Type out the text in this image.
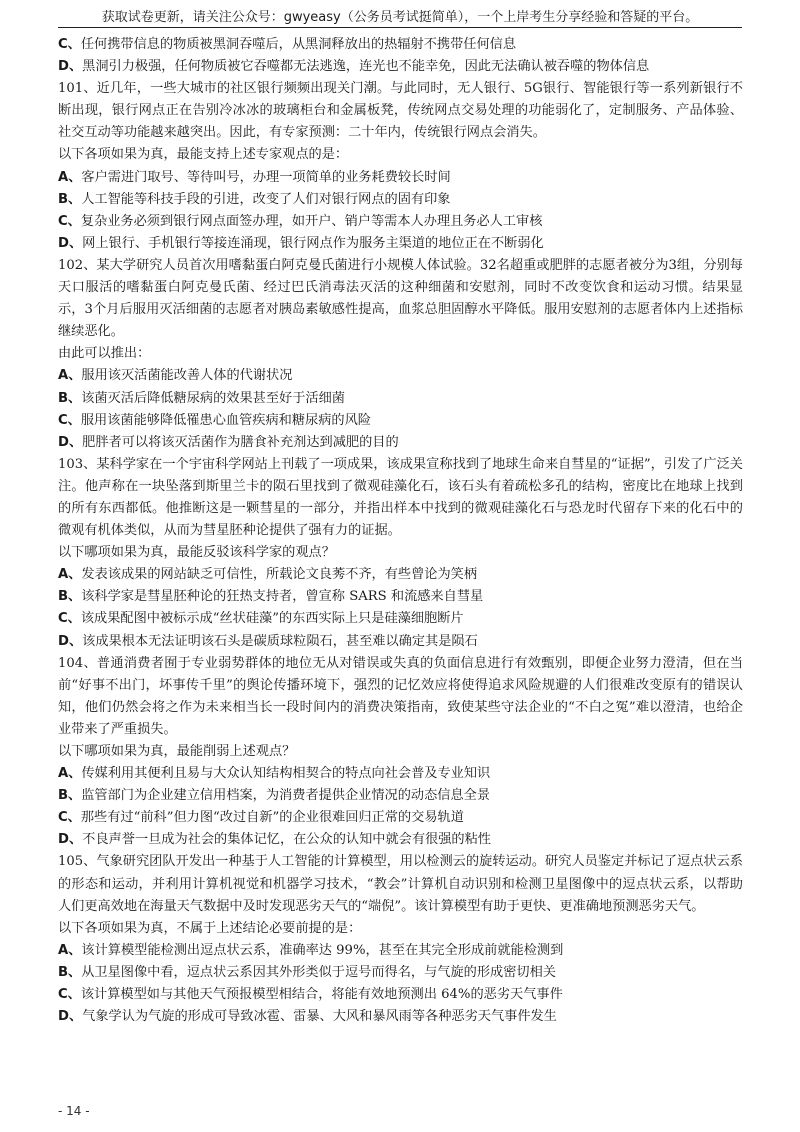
获取试卷更新，请关注公众号：gwyeasy（公务员考试挺简单），一个上岸考生分享经验和答疑的平台。

C、任何携带信息的物质被黑洞吞噬后，从黑洞释放出的热辐射不携带任何信息

D、黑洞引力极强，任何物质被它吞噬都无法逃逸，连光也不能幸免，因此无法确认被吞噬的物体信息

101、近几年，一些大城市的社区银行频频出现关门潮。与此同时，无人银行、5G银行、智能银行等一系列新银行不断出现，银行网点正在告别冷冰冰的玻璃柜台和金属板凳，传统网点交易处理的功能弱化了，定制服务、产品体验、社交互动等功能越来越突出。因此，有专家预测：二十年内，传统银行网点会消失。

以下各项如果为真，最能支持上述专家观点的是：

A、客户需进门取号、等待叫号，办理一项简单的业务耗费较长时间

B、人工智能等科技手段的引进，改变了人们对银行网点的固有印象

C、复杂业务必须到银行网点面签办理，如开户、销户等需本人办理且务必人工审核

D、网上银行、手机银行等接连涌现，银行网点作为服务主渠道的地位正在不断弱化

102、某大学研究人员首次用嗜黏蛋白阿克曼氏菌进行小规模人体试验。32名超重或肥胖的志愿者被分为3组，分别每天口服活的嗜黏蛋白阿克曼氏菌、经过巴氏消毒法灭活的这种细菌和安慰剂，同时不改变饮食和运动习惯。结果显示，3个月后服用灭活细菌的志愿者对胰岛素敏感性提高，血浆总胆固醇水平降低。服用安慰剂的志愿者体内上述指标继续恶化。

由此可以推出：

A、服用该灭活菌能改善人体的代谢状况

B、该菌灭活后降低糖尿病的效果甚至好于活细菌

C、服用该菌能够降低罹患心血管疾病和糖尿病的风险

D、肥胖者可以将该灭活菌作为膳食补充剂达到减肥的目的

103、某科学家在一个宇宙科学网站上刊载了一项成果，该成果宣称找到了地球生命来自彗星的“证据”，引发了广泛关注。他声称在一块坠落到斯里兰卡的陨石里找到了微观硅藻化石，该石头有着疏松多孔的结构，密度比在地球上找到的所有东西都低。他推断这是一颗彗星的一部分，并指出样本中找到的微观硅藻化石与恐龙时代留存下来的化石中的微观有机体类似，从而为彗星胚种论提供了强有力的证据。

以下哪项如果为真，最能反驳该科学家的观点？

A、发表该成果的网站缺乏可信性，所载论文良莠不齐，有些曾论为笑柄

B、该科学家是彗星胚种论的狂热支持者，曾宣称 SARS 和流感来自彗星

C、该成果配图中被标示成“丝状硅藻”的东西实际上只是硅藻细胞断片

D、该成果根本无法证明该石头是碳质球粒陨石，甚至难以确定其是陨石

104、普通消费者囿于专业弱势群体的地位无从对错误或失真的负面信息进行有效甄别，即便企业努力澄清，但在当前“好事不出门，坏事传千里”的舆论传播环境下，强烈的记忆效应将使得追求风险规避的人们很难改变原有的错误认知，他们仍然会将之作为未来相当长一段时间内的消费决策指南，致使某些守法企业的“不白之冤”难以澄清，也给企业带来了严重损失。

以下哪项如果为真，最能削弱上述观点？

A、传媒利用其便利且易与大众认知结构相契合的特点向社会普及专业知识

B、监管部门为企业建立信用档案，为消费者提供企业情况的动态信息全景

C、那些有过“前科”但力图“改过自新”的企业很难回归正常的交易轨道

D、不良声誉一旦成为社会的集体记忆，在公众的认知中就会有很强的粘性

105、气象研究团队开发出一种基于人工智能的计算模型，用以检测云的旋转运动。研究人员鉴定并标记了逗点状云系的形态和运动，并利用计算机视觉和机器学习技术，“教会”计算机自动识别和检测卫星图像中的逗点状云系，以帮助人们更高效地在海量天气数据中及时发现恶劣天气的“端倪”。该计算模型有助于更快、更准确地预测恶劣天气。

以下各项如果为真，不属于上述结论必要前提的是：

A、该计算模型能检测出逗点状云系，准确率达 99%，甚至在其完全形成前就能检测到

B、从卫星图像中看，逗点状云系因其外形类似于逗号而得名，与气旋的形成密切相关

C、该计算模型如与其他天气预报模型相结合，将能有效地预测出 64%的恶劣天气事件

D、气象学认为气旋的形成可导致冰雹、雷暴、大风和暴风雨等各种恶劣天气事件发生

- 14 -
